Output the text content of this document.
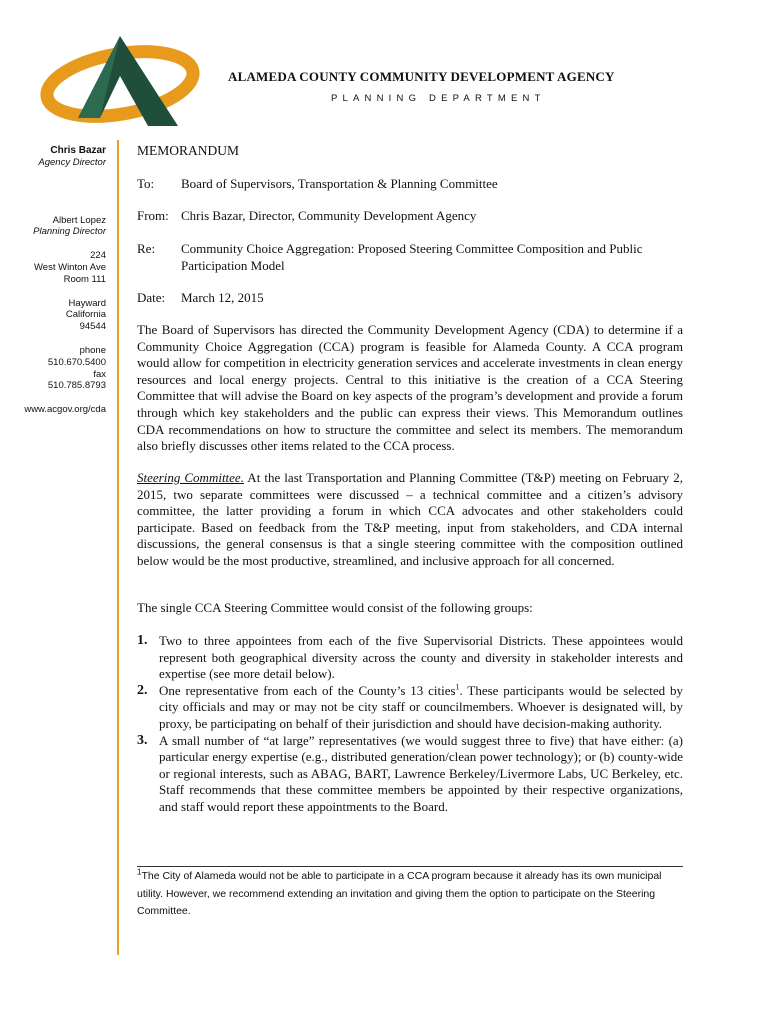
ALAMEDA COUNTY COMMUNITY DEVELOPMENT AGENCY
PLANNING DEPARTMENT
Chris Bazar
Agency Director
Albert Lopez
Planning Director
224
West Winton Ave
Room 111
Hayward
California
94544
phone
510.670.5400
fax
510.785.8793
www.acgov.org/cda
MEMORANDUM
To: Board of Supervisors, Transportation & Planning Committee
From: Chris Bazar, Director, Community Development Agency
Re: Community Choice Aggregation: Proposed Steering Committee Composition and Public Participation Model
Date: March 12, 2015
The Board of Supervisors has directed the Community Development Agency (CDA) to determine if a Community Choice Aggregation (CCA) program is feasible for Alameda County. A CCA program would allow for competition in electricity generation services and accelerate investments in clean energy resources and local energy projects. Central to this initiative is the creation of a CCA Steering Committee that will advise the Board on key aspects of the program’s development and provide a forum through which key stakeholders and the public can express their views. This Memorandum outlines CDA recommendations on how to structure the committee and select its members. The memorandum also briefly discusses other items related to the CCA process.
Steering Committee. At the last Transportation and Planning Committee (T&P) meeting on February 2, 2015, two separate committees were discussed – a technical committee and a citizen’s advisory committee, the latter providing a forum in which CCA advocates and other stakeholders could participate. Based on feedback from the T&P meeting, input from stakeholders, and CDA internal discussions, the general consensus is that a single steering committee with the composition outlined below would be the most productive, streamlined, and inclusive approach for all concerned.
The single CCA Steering Committee would consist of the following groups:
1. Two to three appointees from each of the five Supervisorial Districts. These appointees would represent both geographical diversity across the county and diversity in stakeholder interests and expertise (see more detail below).
2. One representative from each of the County’s 13 cities$^1$. These participants would be selected by city officials and may or may not be city staff or councilmembers. Whoever is designated will, by proxy, be participating on behalf of their jurisdiction and should have decision-making authority.
3. A small number of “at large” representatives (we would suggest three to five) that have either: (a) particular energy expertise (e.g., distributed generation/clean power technology); or (b) county-wide or regional interests, such as ABAG, BART, Lawrence Berkeley/Livermore Labs, UC Berkeley, etc. Staff recommends that these committee members be appointed by their respective organizations, and staff would report these appointments to the Board.
$^1$The City of Alameda would not be able to participate in a CCA program because it already has its own municipal utility. However, we recommend extending an invitation and giving them the option to participate on the Steering Committee.
